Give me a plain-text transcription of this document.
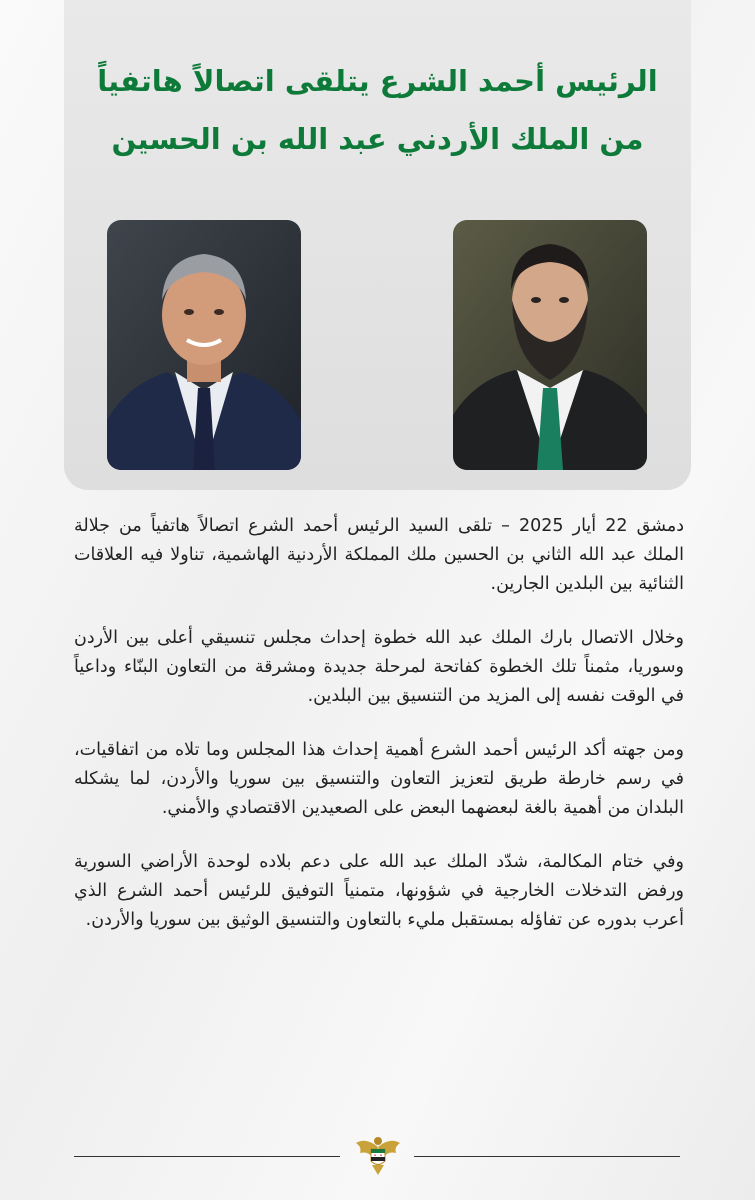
الرئيس أحمد الشرع يتلقى اتصالاً هاتفياً
من الملك الأردني عبد الله بن الحسين

دمشق 22 أيار 2025 – تلقى السيد الرئيس أحمد الشرع اتصالاً هاتفياً من جلالة الملك عبد الله الثاني بن الحسين ملك المملكة الأردنية الهاشمية، تناولا فيه العلاقات الثنائية بين البلدين الجارين.

وخلال الاتصال بارك الملك عبد الله خطوة إحداث مجلس تنسيقي أعلى بين الأردن وسوريا، مثمناً تلك الخطوة كفاتحة لمرحلة جديدة ومشرقة من التعاون البنّاء وداعياً في الوقت نفسه إلى المزيد من التنسيق بين البلدين.

ومن جهته أكد الرئيس أحمد الشرع أهمية إحداث هذا المجلس وما تلاه من اتفاقيات، في رسم خارطة طريق لتعزيز التعاون والتنسيق بين سوريا والأردن، لما يشكله البلدان من أهمية بالغة لبعضهما البعض على الصعيدين الاقتصادي والأمني.

وفي ختام المكالمة، شدّد الملك عبد الله على دعم بلاده لوحدة الأراضي السورية ورفض التدخلات الخارجية في شؤونها، متمنياً التوفيق للرئيس أحمد الشرع الذي أعرب بدوره عن تفاؤله بمستقبل مليء بالتعاون والتنسيق الوثيق بين سوريا والأردن.
